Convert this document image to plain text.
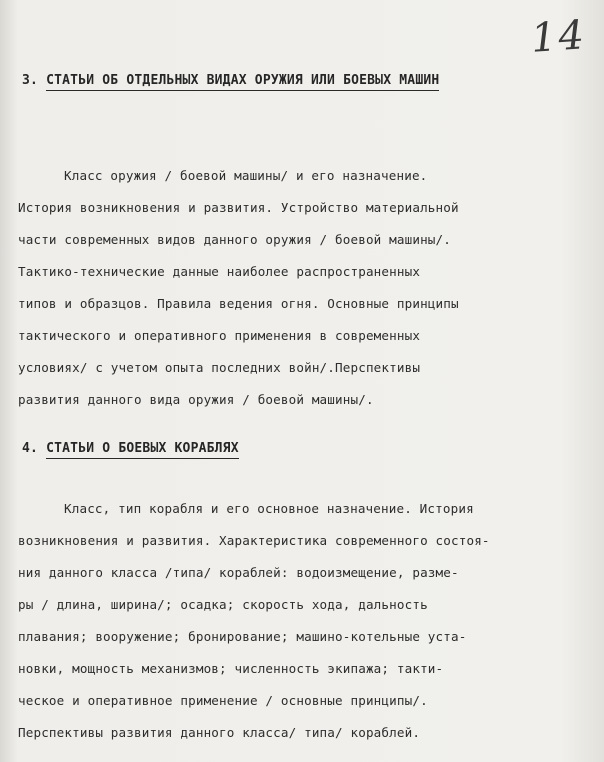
14
3. СТАТЬИ ОБ ОТДЕЛЬНЫХ ВИДАХ ОРУЖИЯ ИЛИ БОЕВЫХ МАШИН
Класс оружия / боевой машины/ и его назначение.
История возникновения и развития. Устройство материальной
части современных видов данного оружия / боевой машины/.
Тактико-технические данные наиболее распространенных
типов и образцов. Правила ведения огня. Основные принципы
тактического и оперативного применения в современных
условиях/ с учетом опыта последних войн/.Перспективы
развития данного вида оружия / боевой машины/.
4. СТАТЬИ О БОЕВЫХ КОРАБЛЯХ
Класс, тип корабля и его основное назначение. История
возникновения и развития. Характеристика современного состоя-
ния данного класса /типа/ кораблей: водоизмещение, разме-
ры / длина, ширина/; осадка; скорость хода, дальность
плавания; вооружение; бронирование; машино-котельные уста-
новки, мощность механизмов; численность экипажа; такти-
ческое и оперативное применение / основные принципы/.
Перспективы развития данного класса/ типа/ кораблей.
